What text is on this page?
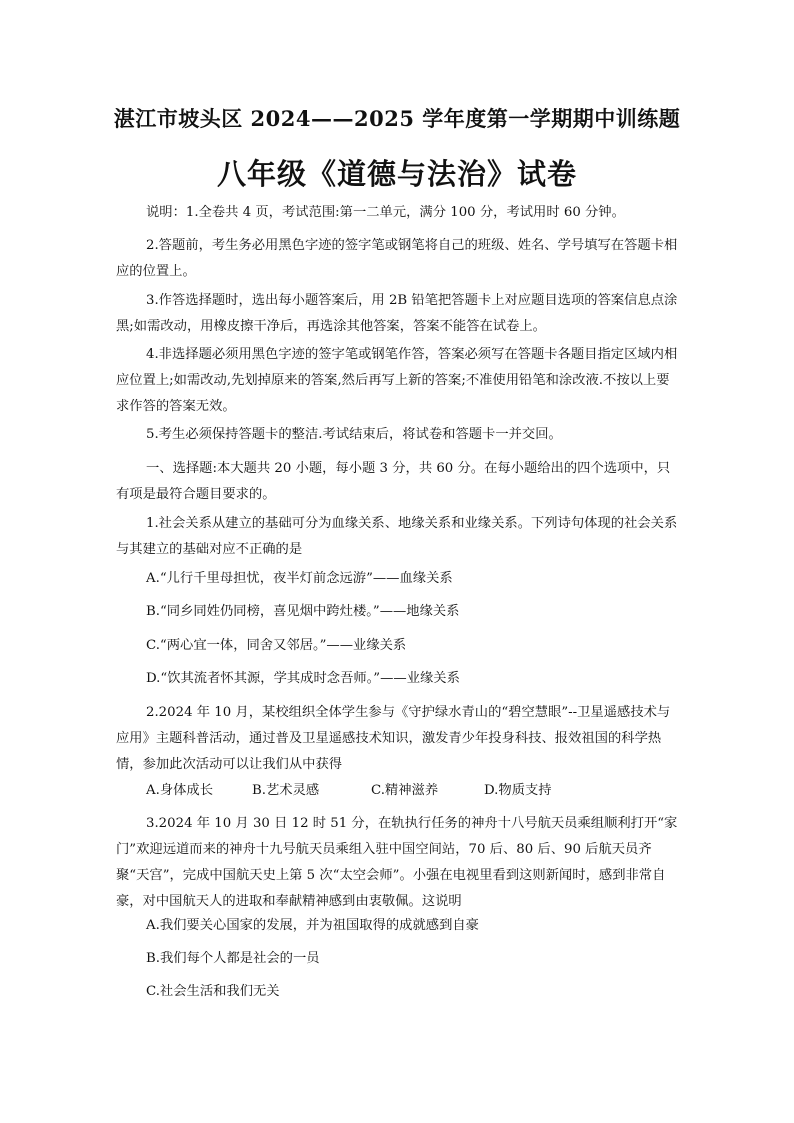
湛江市坡头区 2024——2025 学年度第一学期期中训练题
八年级《道德与法治》试卷

说明：1.全卷共 4 页，考试范围:第一二单元，满分 100 分，考试用时 60 分钟。

2.答题前，考生务必用黑色字迹的签字笔或钢笔将自己的班级、姓名、学号填写在答题卡相应的位置上。

3.作答选择题时，选出每小题答案后，用 2B 铅笔把答题卡上对应题目选项的答案信息点涂黑;如需改动，用橡皮擦干净后，再选涂其他答案，答案不能答在试卷上。

4.非选择题必须用黑色字迹的签字笔或钢笔作答，答案必须写在答题卡各题目指定区域内相应位置上;如需改动,先划掉原来的答案,然后再写上新的答案;不准使用铅笔和涂改液.不按以上要求作答的答案无效。

5.考生必须保持答题卡的整洁.考试结束后，将试卷和答题卡一并交回。

一、选择题:本大题共 20 小题，每小题 3 分，共 60 分。在每小题给出的四个选项中，只有项是最符合题目要求的。

1.社会关系从建立的基础可分为血缘关系、地缘关系和业缘关系。下列诗句体现的社会关系与其建立的基础对应不正确的是

A.“儿行千里母担忧，夜半灯前念远游”——血缘关系
B.“同乡同姓仍同榜，喜见烟中跨灶楼。”——地缘关系
C.“两心宜一体，同舍又邻居。”——业缘关系
D.“饮其流者怀其源，学其成时念吾师。”——业缘关系

2.2024 年 10 月，某校组织全体学生参与《守护绿水青山的“碧空慧眼”--卫星遥感技术与应用》主题科普活动，通过普及卫星遥感技术知识，激发青少年投身科技、报效祖国的科学热情，参加此次活动可以让我们从中获得

A.身体成长	B.艺术灵感	C.精神滋养	D.物质支持

3.2024 年 10 月 30 日 12 时 51 分，在轨执行任务的神舟十八号航天员乘组顺利打开“家门”欢迎远道而来的神舟十九号航天员乘组入驻中国空间站，70 后、80 后、90 后航天员齐聚“天宫”，完成中国航天史上第 5 次“太空会师”。小强在电视里看到这则新闻时，感到非常自豪，对中国航天人的进取和奉献精神感到由衷敬佩。这说明

A.我们要关心国家的发展，并为祖国取得的成就感到自豪
B.我们每个人都是社会的一员
C.社会生活和我们无关
